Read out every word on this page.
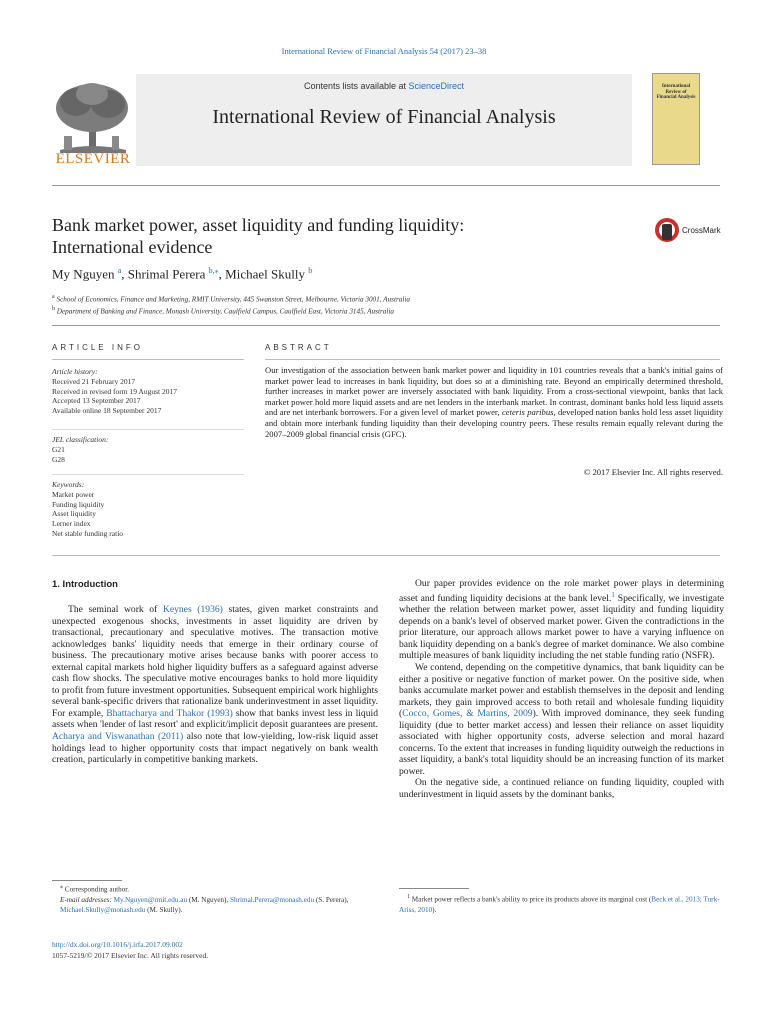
International Review of Financial Analysis 54 (2017) 23–38
Contents lists available at ScienceDirect
International Review of Financial Analysis
ELSEVIER
International Review of Financial Analysis
Bank market power, asset liquidity and funding liquidity:
International evidence
CrossMark
My Nguyen $^a$, Shrimal Perera $^{b,⁎}$, Michael Skully $^b$
$^a$ School of Economics, Finance and Marketing, RMIT University, 445 Swanston Street, Melbourne, Victoria 3001, Australia
$^b$ Department of Banking and Finance, Monash University, Caulfield Campus, Caulfield East, Victoria 3145, Australia
ARTICLE INFO
Article history:
Received 21 February 2017
Received in revised form 19 August 2017
Accepted 13 September 2017
Available online 18 September 2017
JEL classification:
G21
G28
Keywords:
Market power
Funding liquidity
Asset liquidity
Lerner index
Net stable funding ratio
ABSTRACT
Our investigation of the association between bank market power and liquidity in 101 countries reveals that a bank's initial gains of market power lead to increases in bank liquidity, but does so at a diminishing rate. Beyond an empirically determined threshold, further increases in market power are inversely associated with bank liquidity. From a cross-sectional viewpoint, banks that lack market power hold more liquid assets and are net lenders in the interbank market. In contrast, dominant banks hold less liquid assets and are net interbank borrowers. For a given level of market power, ceteris paribus, developed nation banks hold less asset liquidity and obtain more interbank funding liquidity than their developing country peers. These results remain equally relevant during the 2007–2009 global financial crisis (GFC).
© 2017 Elsevier Inc. All rights reserved.
1. Introduction

The seminal work of Keynes (1936) states, given market constraints and unexpected exogenous shocks, investments in asset liquidity are driven by transactional, precautionary and speculative motives. The transaction motive acknowledges banks' liquidity needs that emerge in their ordinary course of business. The precautionary motive arises because banks with poorer access to external capital markets hold higher liquidity buffers as a safeguard against adverse cash flow shocks. The speculative motive encourages banks to hold more liquidity to profit from future investment opportunities. Subsequent empirical work highlights several bank-specific drivers that rationalize bank underinvestment in asset liquidity. For example, Bhattacharya and Thakor (1993) show that banks invest less in liquid assets when 'lender of last resort' and explicit/implicit deposit guarantees are present. Acharya and Viswanathan (2011) also note that low-yielding, low-risk liquid asset holdings lead to higher opportunity costs that impact negatively on bank wealth creation, particularly in competitive banking markets.

Our paper provides evidence on the role market power plays in determining asset and funding liquidity decisions at the bank level.$^1$ Specifically, we investigate whether the relation between market power, asset liquidity and funding liquidity depends on a bank's level of observed market power. Given the contradictions in the prior literature, our approach allows market power to have a varying influence on bank liquidity depending on a bank's degree of market dominance. We also combine multiple measures of bank liquidity including the net stable funding ratio (NSFR).

We contend, depending on the competitive dynamics, that bank liquidity can be either a positive or negative function of market power. On the positive side, when banks accumulate market power and establish themselves in the deposit and lending markets, they gain improved access to both retail and wholesale funding liquidity (Cocco, Gomes, & Martins, 2009). With improved dominance, they seek funding liquidity (due to better market access) and lessen their reliance on asset liquidity associated with higher opportunity costs, adverse selection and moral hazard concerns. To the extent that increases in funding liquidity outweigh the reductions in asset liquidity, a bank's total liquidity should be an increasing function of its market power.

On the negative side, a continued reliance on funding liquidity, coupled with underinvestment in liquid assets by the dominant banks,

⁎ Corresponding author.
E-mail addresses: My.Nguyen@rmit.edu.au (M. Nguyen), Shrimal.Perera@monash.edu (S. Perera), Michael.Skully@monash.edu (M. Skully).
$^1$ Market power reflects a bank's ability to price its products above its marginal cost (Beck et al., 2013; Turk-Ariss, 2010).
http://dx.doi.org/10.1016/j.irfa.2017.09.002
1057-5219/© 2017 Elsevier Inc. All rights reserved.
